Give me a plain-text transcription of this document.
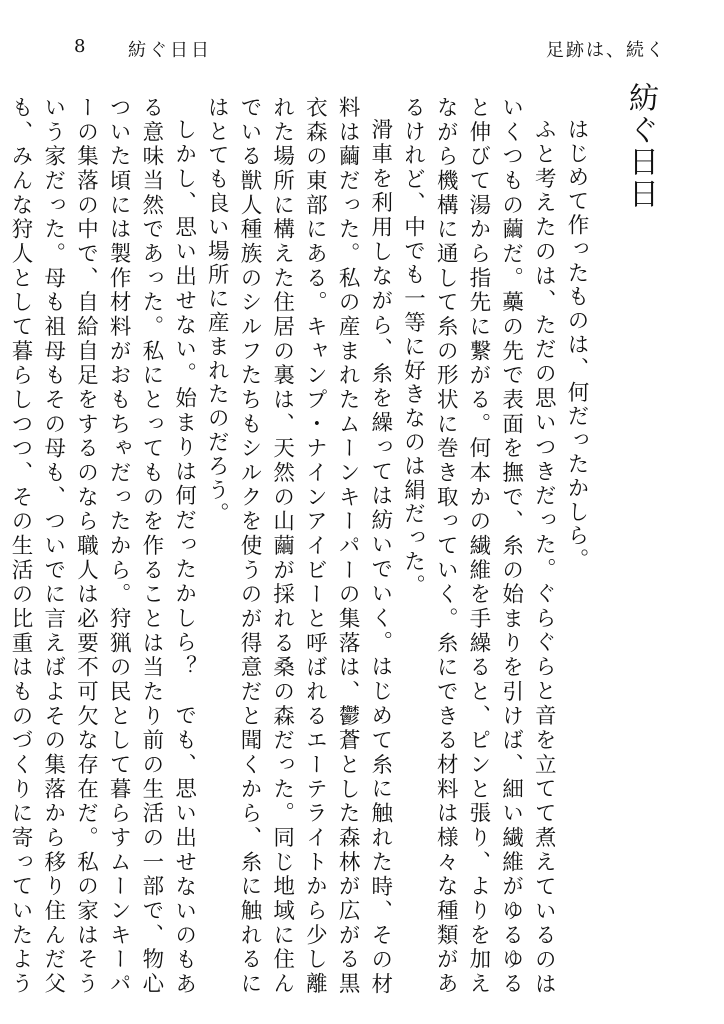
8 紡ぐ日日	足跡は、続く
紡ぐ日日

はじめて作ったものは、何だったかしら。

ふと考えたのは、ただの思いつきだった。ぐらぐらと音を立てて煮えているのはいくつもの繭だ。蘽の先で表面を撫で、糸の始まりを引けば、細い繊維がゆるゆると伸びて湯から指先に繋がる。何本かの繊維を手繰ると、ピンと張り、よりを加えながら機構に通して糸の形状に巻き取っていく。糸にできる材料は様々な種類があるけれど、中でも一等に好きなのは絹だった。

滑車を利用しながら、糸を繰っては紡いでいく。はじめて糸に触れた時、その材料は繭だった。私の産まれたムーンキーパーの集落は、鬱蒼とした森林が広がる黒衣森の東部にある。キャンプ・ナインアイビーと呼ばれるエーテライトから少し離れた場所に構えた住居の裏は、天然の山繭が採れる桑の森だった。同じ地域に住んでいる獣人種族のシルフたちもシルクを使うのが得意だと聞くから、糸に触れるにはとても良い場所に産まれたのだろう。

しかし、思い出せない。始まりは何だったかしら？　でも、思い出せないのもある意味当然であった。私にとってものを作ることは当たり前の生活の一部で、物心ついた頃には製作材料がおもちゃだったから。狩猟の民として暮らすムーンキーパーの集落の中で、自給自足をするのなら職人は必要不可欠な存在だ。私の家はそういう家だった。母も祖母もその母も、ついでに言えばよその集落から移り住んだ父も、みんな狩人として暮らしつつ、その生活の比重はものづくりに寄っていたよう
